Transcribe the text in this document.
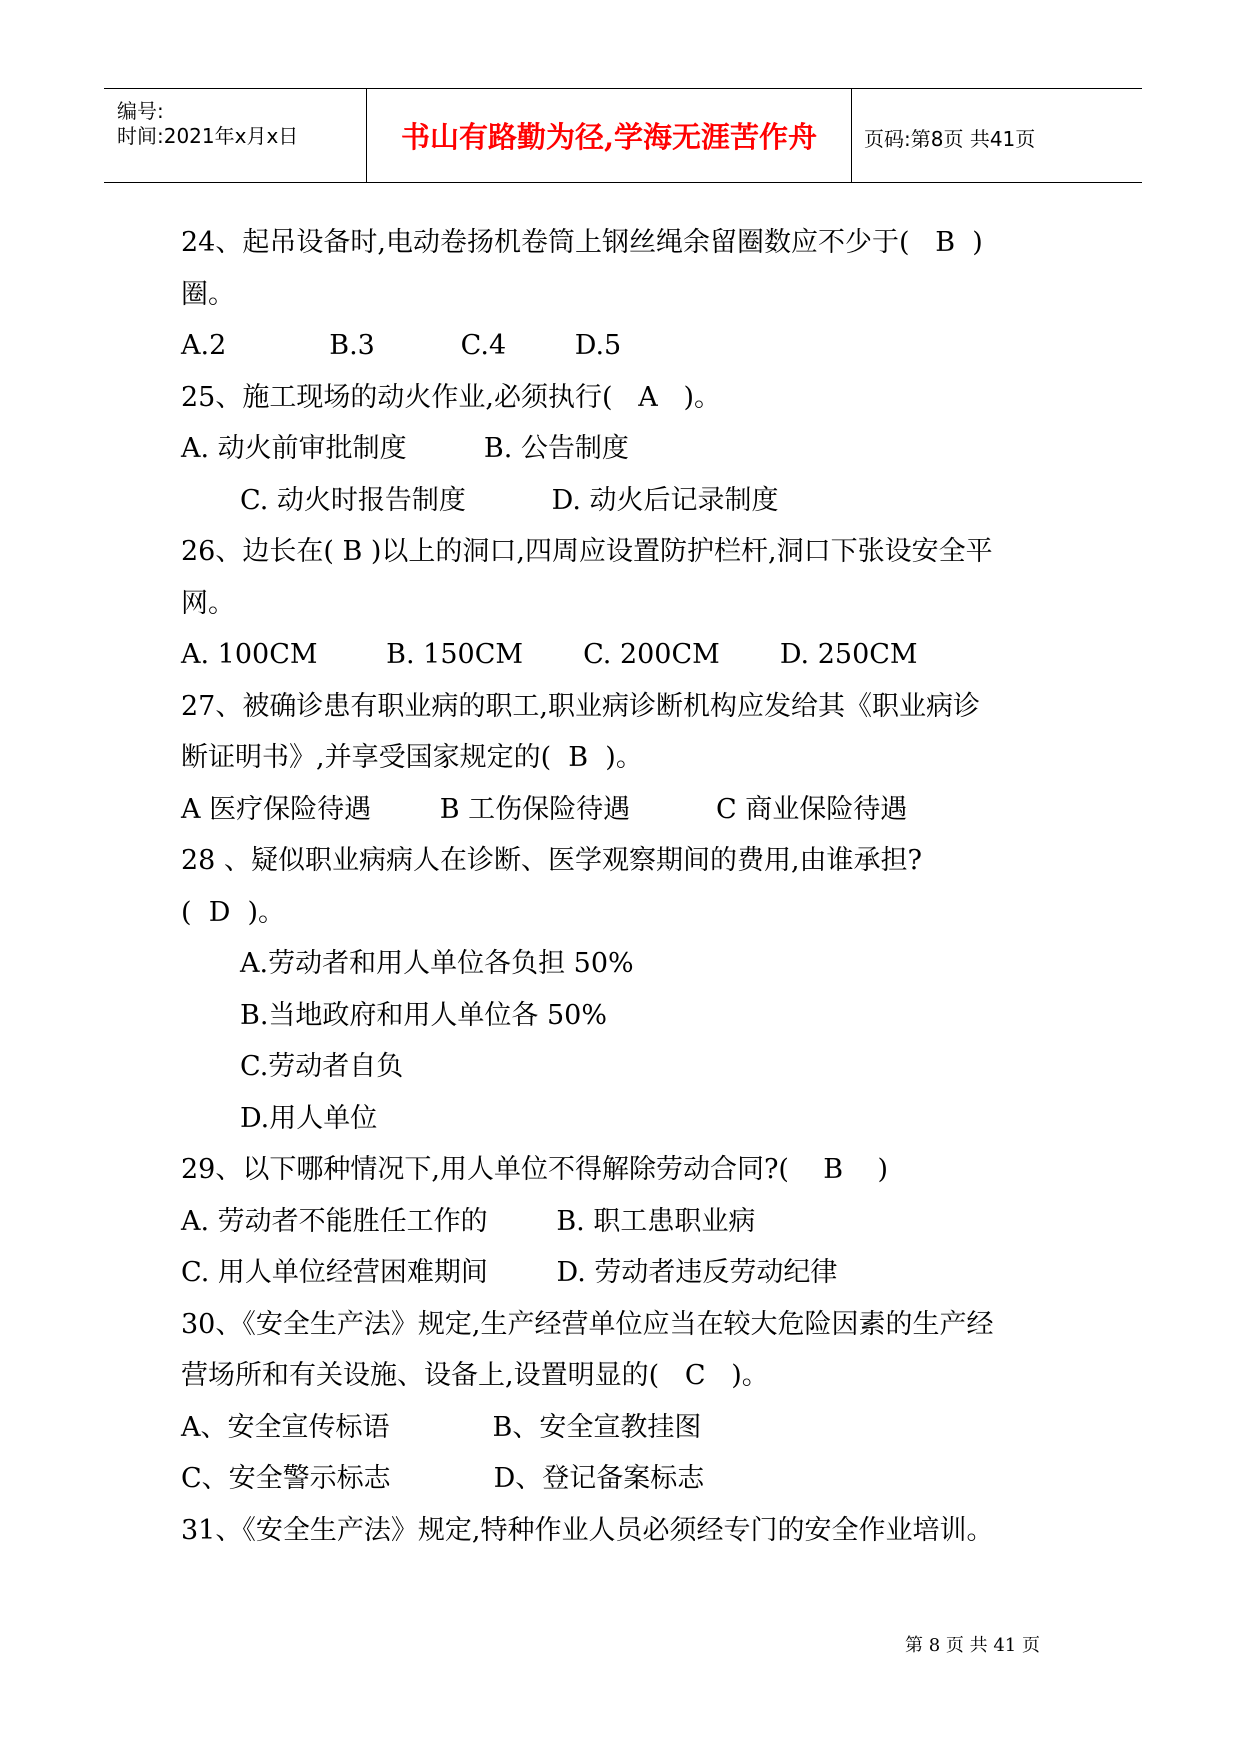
编号:
时间:2021年x月x日	书山有路勤为径,学海无涯苦作舟	页码:第8页 共41页
24、起吊设备时,电动卷扬机卷筒上钢丝绳余留圈数应不少于(   B  )
圈。
A.2            B.3          C.4        D.5
25、施工现场的动火作业,必须执行(   A   )。
A. 动火前审批制度         B. 公告制度
C. 动火时报告制度          D. 动火后记录制度
26、边长在( B )以上的洞口,四周应设置防护栏杆,洞口下张设安全平
网。
A. 100CM        B. 150CM       C. 200CM       D. 250CM
27、被确诊患有职业病的职工,职业病诊断机构应发给其《职业病诊
断证明书》,并享受国家规定的(  B  )。
A 医疗保险待遇        B 工伤保险待遇          C 商业保险待遇
28 、疑似职业病病人在诊断、医学观察期间的费用,由谁承担?
(  D  )。
A.劳动者和用人单位各负担 50%
B.当地政府和用人单位各 50%
C.劳动者自负
D.用人单位
29、以下哪种情况下,用人单位不得解除劳动合同?(    B    )
A. 劳动者不能胜任工作的        B. 职工患职业病
C. 用人单位经营困难期间        D. 劳动者违反劳动纪律
30、《安全生产法》规定,生产经营单位应当在较大危险因素的生产经
营场所和有关设施、设备上,设置明显的(   C   )。
A、安全宣传标语            B、安全宣教挂图
C、安全警示标志            D、登记备案标志
31、《安全生产法》规定,特种作业人员必须经专门的安全作业培训。
第 8 页 共 41 页
